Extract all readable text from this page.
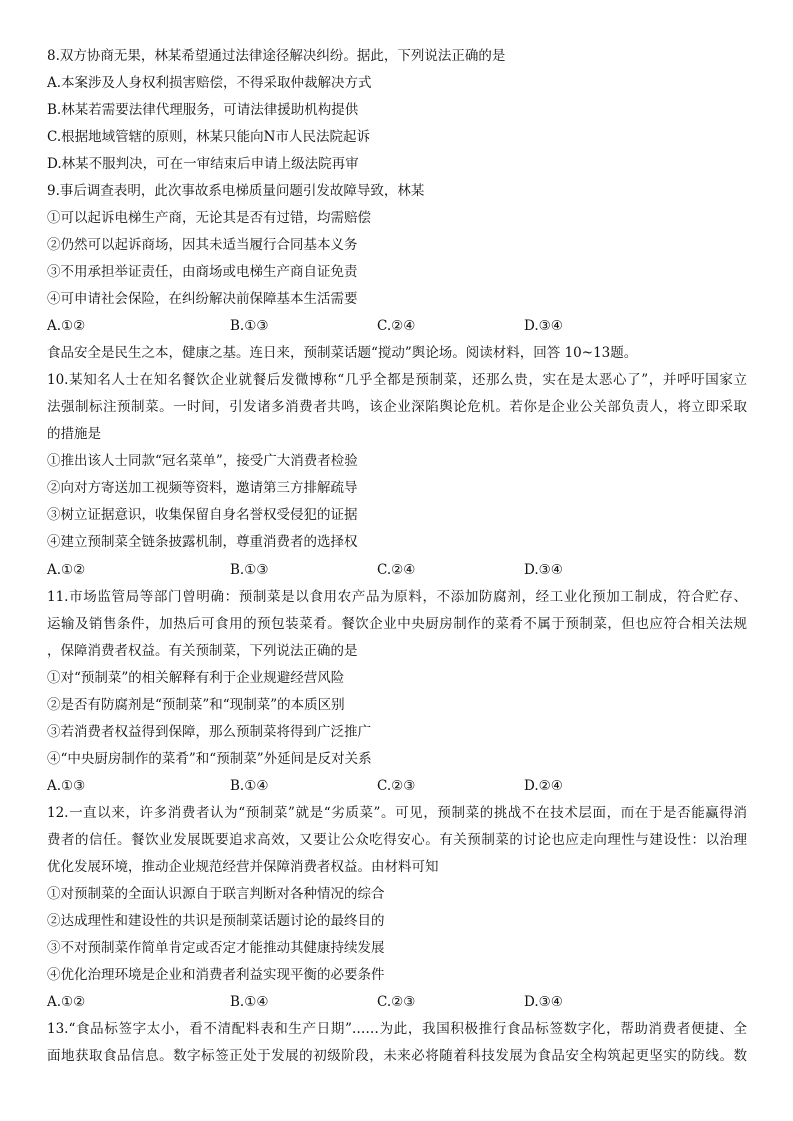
8.双方协商无果，林某希望通过法律途径解决纠纷。据此，下列说法正确的是
A.本案涉及人身权利损害赔偿，不得采取仲裁解决方式
B.林某若需要法律代理服务，可请法律援助机构提供
C.根据地域管辖的原则，林某只能向N市人民法院起诉
D.林某不服判决，可在一审结束后申请上级法院再审
9.事后调查表明，此次事故系电梯质量问题引发故障导致，林某
①可以起诉电梯生产商，无论其是否有过错，均需赔偿
②仍然可以起诉商场，因其未适当履行合同基本义务
③不用承担举证责任，由商场或电梯生产商自证免责
④可申请社会保险，在纠纷解决前保障基本生活需要
A.①②	B.①③	C.②④	D.③④
食品安全是民生之本，健康之基。连日来，预制菜话题“搅动”舆论场。阅读材料，回答 10~13题。
10.某知名人士在知名餐饮企业就餐后发微博称“几乎全都是预制菜，还那么贵，实在是太恶心了”，并呼吁国家立
法强制标注预制菜。一时间，引发诸多消费者共鸣，该企业深陷舆论危机。若你是企业公关部负责人，将立即采取
的措施是
①推出该人士同款“冠名菜单”，接受广大消费者检验
②向对方寄送加工视频等资料，邀请第三方排解疏导
③树立证据意识，收集保留自身名誉权受侵犯的证据
④建立预制菜全链条披露机制，尊重消费者的选择权
A.①②	B.①③	C.②④	D.③④
11.市场监管局等部门曾明确：预制菜是以食用农产品为原料，不添加防腐剂，经工业化预加工制成，符合贮存、
运输及销售条件，加热后可食用的预包装菜肴。餐饮企业中央厨房制作的菜肴不属于预制菜，但也应符合相关法规
，保障消费者权益。有关预制菜，下列说法正确的是
①对“预制菜”的相关解释有利于企业规避经营风险
②是否有防腐剂是“预制菜”和“现制菜”的本质区别
③若消费者权益得到保障，那么预制菜将得到广泛推广
④“中央厨房制作的菜肴”和“预制菜”外延间是反对关系
A.①③	B.①④	C.②③	D.②④
12.一直以来，许多消费者认为“预制菜”就是“劣质菜”。可见，预制菜的挑战不在技术层面，而在于是否能赢得消
费者的信任。餐饮业发展既要追求高效，又要让公众吃得安心。有关预制菜的讨论也应走向理性与建设性：以治理
优化发展环境，推动企业规范经营并保障消费者权益。由材料可知
①对预制菜的全面认识源自于联言判断对各种情况的综合
②达成理性和建设性的共识是预制菜话题讨论的最终目的
③不对预制菜作简单肯定或否定才能推动其健康持续发展
④优化治理环境是企业和消费者利益实现平衡的必要条件
A.①②	B.①④	C.②③	D.③④
13.“食品标签字太小，看不清配料表和生产日期”……为此，我国积极推行食品标签数字化，帮助消费者便捷、全
面地获取食品信息。数字标签正处于发展的初级阶段，未来必将随着科技发展为食品安全构筑起更坚实的防线。数
